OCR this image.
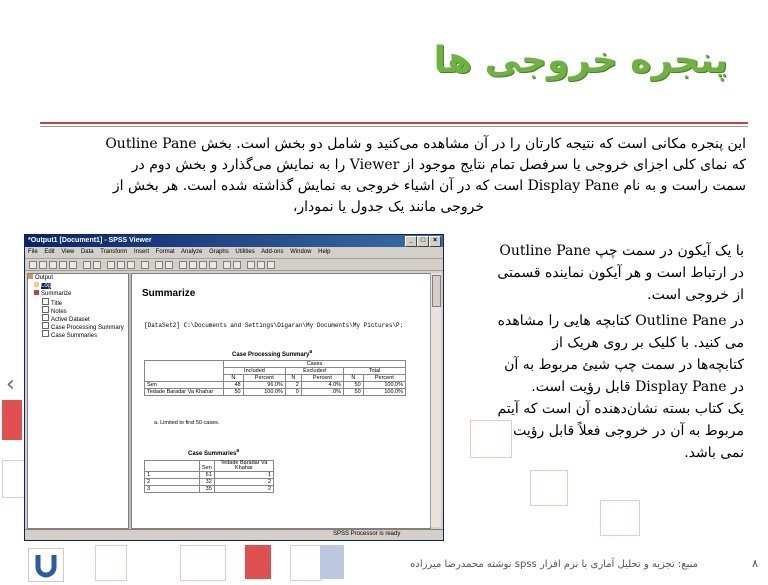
‹
پنجره خروجی ها
این پنجره مکانی است که نتیجه کارتان را در آن مشاهده می‌کنید و شامل دو بخش است. بخش Outline Pane
که نمای کلی اجزای خروجی یا سرفصل تمام نتایج موجود از Viewer را به نمایش می‌گذارد و بخش دوم در
سمت راست و به نام Display Pane است که در آن اشیاء خروجی به نمایش گذاشته شده است. هر بخش از
خروجی مانند یک جدول یا نمودار،
با یک آیکون در سمت چپ Outline Pane
در ارتباط است و هر آیکون نماینده قسمتی
از خروجی است.
در Outline Pane کتابچه هایی را مشاهده
می کنید. با کلیک بر روی هریک از
کتابچه‌ها در سمت چپ شیئ مربوط به آن
در Display Pane قابل رؤیت است.
یک کتاب بسته نشان‌دهنده آن است که آیتم
مربوط به آن در خروجی فعلاً قابل رؤیت
نمی باشد.
*Output1 [Document1] - SPSS Viewer	_	□	×
File Edit View Data Transform Insert Format Analyze Graphs Utilities Add-ons Window Help
Output
Log
Summarize
Title
Notes
Active Dataset
Case Processing Summary
Case Summaries
Summarize
[DataSet2] C:\Documents and Settings\Digaran\My Documents\My Pictures\P:
Case Processing Summary$^a$
	Cases					
	Included		Excluded		Total	
	N	Percent	N	Percent	N	Percent
Sen	48	96.0%	2	4.0%	50	100.0%
Tedade Baradar Va Khahar	50	100.0%	0	.0%	50	100.0%
a. Limited to first 50 cases.
Case Summaries$^a$
	Sen	Tedade Baradar Va Khahar
1	61	1
2	32	2
3	35	2
SPSS Processor is ready
منبع: تجزیه و تحلیل آماری با نرم افزار spss نوشته محمدرضا میرزاده	۸
